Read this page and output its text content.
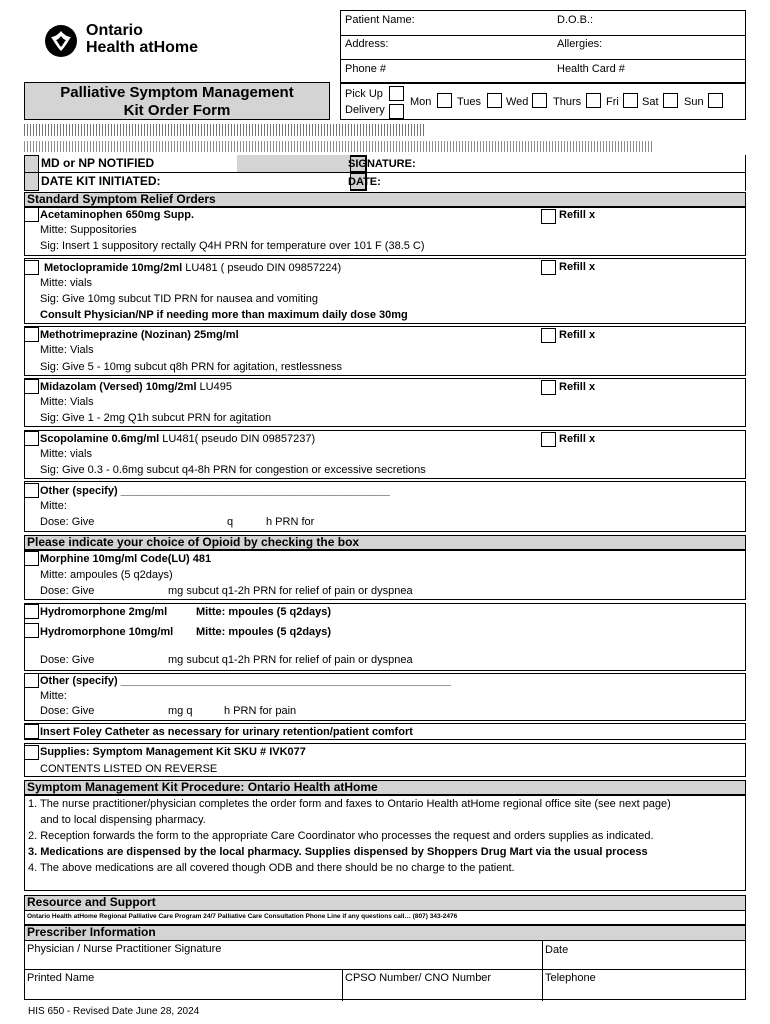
Ontario
Health atHome
Patient Name:	D.O.B.:
Address:	Allergies:
Phone #	Health Card #
Palliative Symptom Management
Kit Order Form
Pick Up
Delivery
Mon Tues Wed Thurs Fri Sat Sun
MD or NP NOTIFIED
DATE KIT INITIATED:
SIGNATURE:
DATE:
Standard Symptom Relief Orders
Acetaminophen 650mg Supp.	Refill x
Mitte: Suppositories
Sig: Insert 1 suppository rectally Q4H PRN for temperature over 101 F (38.5 C)
Metoclopramide 10mg/2ml LU481 ( pseudo DIN 09857224)	Refill x
Mitte: vials
Sig: Give 10mg subcut TID PRN for nausea and vomiting
Consult Physician/NP if needing more than maximum daily dose 30mg
Methotrimeprazine (Nozinan) 25mg/ml	Refill x
Mitte: Vials
Sig: Give 5 - 10mg subcut q8h PRN for agitation, restlessness
Midazolam (Versed) 10mg/2ml LU495	Refill x
Mitte: Vials
Sig: Give 1 - 2mg Q1h subcut PRN for agitation
Scopolamine 0.6mg/ml LU481( pseudo DIN 09857237)	Refill x
Mitte: vials
Sig: Give 0.3 - 0.6mg subcut q4-8h PRN for congestion or excessive secretions
Other (specify) ____________________________________________
Mitte:
Dose: Give	q	h PRN for
Please indicate your choice of Opioid by checking the box
Morphine 10mg/ml Code(LU) 481
Mitte: ampoules (5 q2days)
Dose: Give	mg subcut q1-2h PRN for relief of pain or dyspnea
Hydromorphone 2mg/ml	Mitte: mpoules (5 q2days)
Hydromorphone 10mg/ml Mitte: mpoules (5 q2days)
Dose: Give	mg subcut q1-2h PRN for relief of pain or dyspnea
Other (specify) ______________________________________________________
Mitte:
Dose: Give	mg q	h PRN for pain
Insert Foley Catheter as necessary for urinary retention/patient comfort
Supplies: Symptom Management Kit SKU # IVK077
CONTENTS LISTED ON REVERSE
Symptom Management Kit Procedure: Ontario Health atHome
1. The nurse practitioner/physician completes the order form and faxes to Ontario Health atHome regional office site (see next page)
and to local dispensing pharmacy.
2. Reception forwards the form to the appropriate Care Coordinator who processes the request and orders supplies as indicated.
3. Medications are dispensed by the local pharmacy. Supplies dispensed by Shoppers Drug Mart via the usual process
4. The above medications are all covered though ODB and there should be no charge to the patient.
Resource and Support
Ontario Health atHome Regional Palliative Care Program 24/7 Palliative Care Consultation Phone Line if any questions call… (807) 343-2476
Prescriber Information
Physician / Nurse Practitioner Signature	Date
Printed Name	CPSO Number/ CNO Number	Telephone
HIS 650 - Revised Date June 28, 2024
